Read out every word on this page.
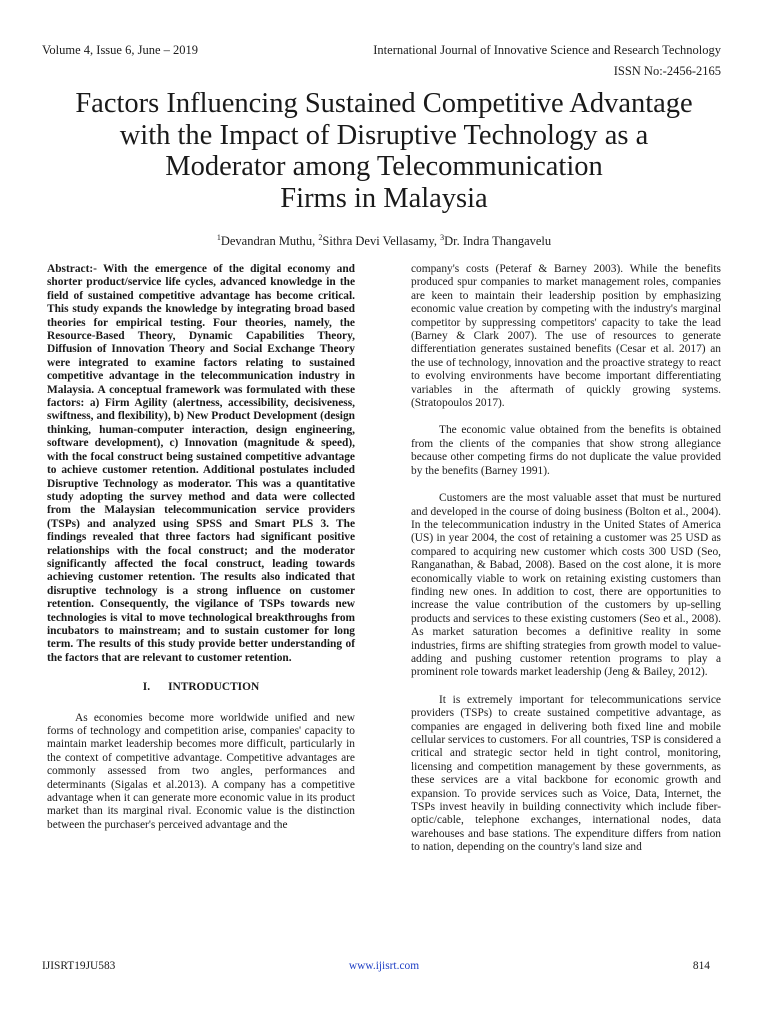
Volume 4, Issue 6, June – 2019	International Journal of Innovative Science and Research Technology
ISSN No:-2456-2165
Factors Influencing Sustained Competitive Advantage
with the Impact of Disruptive Technology as a
Moderator among Telecommunication
Firms in Malaysia
$^1$Devandran Muthu, $^2$Sithra Devi Vellasamy, $^3$Dr. Indra Thangavelu

Abstract:- With the emergence of the digital economy and shorter product/service life cycles, advanced knowledge in the field of sustained competitive advantage has become critical. This study expands the knowledge by integrating broad based theories for empirical testing. Four theories, namely, the Resource-Based Theory, Dynamic Capabilities Theory, Diffusion of Innovation Theory and Social Exchange Theory were integrated to examine factors relating to sustained competitive advantage in the telecommunication industry in Malaysia. A conceptual framework was formulated with these factors: a) Firm Agility (alertness, accessibility, decisiveness, swiftness, and flexibility), b) New Product Development (design thinking, human-computer interaction, design engineering, software development), c) Innovation (magnitude & speed), with the focal construct being sustained competitive advantage to achieve customer retention. Additional postulates included Disruptive Technology as moderator. This was a quantitative study adopting the survey method and data were collected from the Malaysian telecommunication service providers (TSPs) and analyzed using SPSS and Smart PLS 3. The findings revealed that three factors had significant positive relationships with the focal construct; and the moderator significantly affected the focal construct, leading towards achieving customer retention. The results also indicated that disruptive technology is a strong influence on customer retention. Consequently, the vigilance of TSPs towards new technologies is vital to move technological breakthroughs from incubators to mainstream; and to sustain customer for long term. The results of this study provide better understanding of the factors that are relevant to customer retention.

I. INTRODUCTION

As economies become more worldwide unified and new forms of technology and competition arise, companies' capacity to maintain market leadership becomes more difficult, particularly in the context of competitive advantage. Competitive advantages are commonly assessed from two angles, performances and determinants (Sigalas et al.2013). A company has a competitive advantage when it can generate more economic value in its product market than its marginal rival. Economic value is the distinction between the purchaser's perceived advantage and the

company's costs (Peteraf & Barney 2003). While the benefits produced spur companies to market management roles, companies are keen to maintain their leadership position by emphasizing economic value creation by competing with the industry's marginal competitor by suppressing competitors' capacity to take the lead (Barney & Clark 2007). The use of resources to generate differentiation generates sustained benefits (Cesar et al. 2017) an the use of technology, innovation and the proactive strategy to react to evolving environments have become important differentiating variables in the aftermath of quickly growing systems. (Stratopoulos 2017).

The economic value obtained from the benefits is obtained from the clients of the companies that show strong allegiance because other competing firms do not duplicate the value provided by the benefits (Barney 1991).

Customers are the most valuable asset that must be nurtured and developed in the course of doing business (Bolton et al., 2004). In the telecommunication industry in the United States of America (US) in year 2004, the cost of retaining a customer was 25 USD as compared to acquiring new customer which costs 300 USD (Seo, Ranganathan, & Babad, 2008). Based on the cost alone, it is more economically viable to work on retaining existing customers than finding new ones. In addition to cost, there are opportunities to increase the value contribution of the customers by up-selling products and services to these existing customers (Seo et al., 2008). As market saturation becomes a definitive reality in some industries, firms are shifting strategies from growth model to value-adding and pushing customer retention programs to play a prominent role towards market leadership (Jeng & Bailey, 2012).

It is extremely important for telecommunications service providers (TSPs) to create sustained competitive advantage, as companies are engaged in delivering both fixed line and mobile cellular services to customers. For all countries, TSP is considered a critical and strategic sector held in tight control, monitoring, licensing and competition management by these governments, as these services are a vital backbone for economic growth and expansion. To provide services such as Voice, Data, Internet, the TSPs invest heavily in building connectivity which include fiber-optic/cable, telephone exchanges, international nodes, data warehouses and base stations. The expenditure differs from nation to nation, depending on the country's land size and

IJISRT19JU583	www.ijisrt.com	814
